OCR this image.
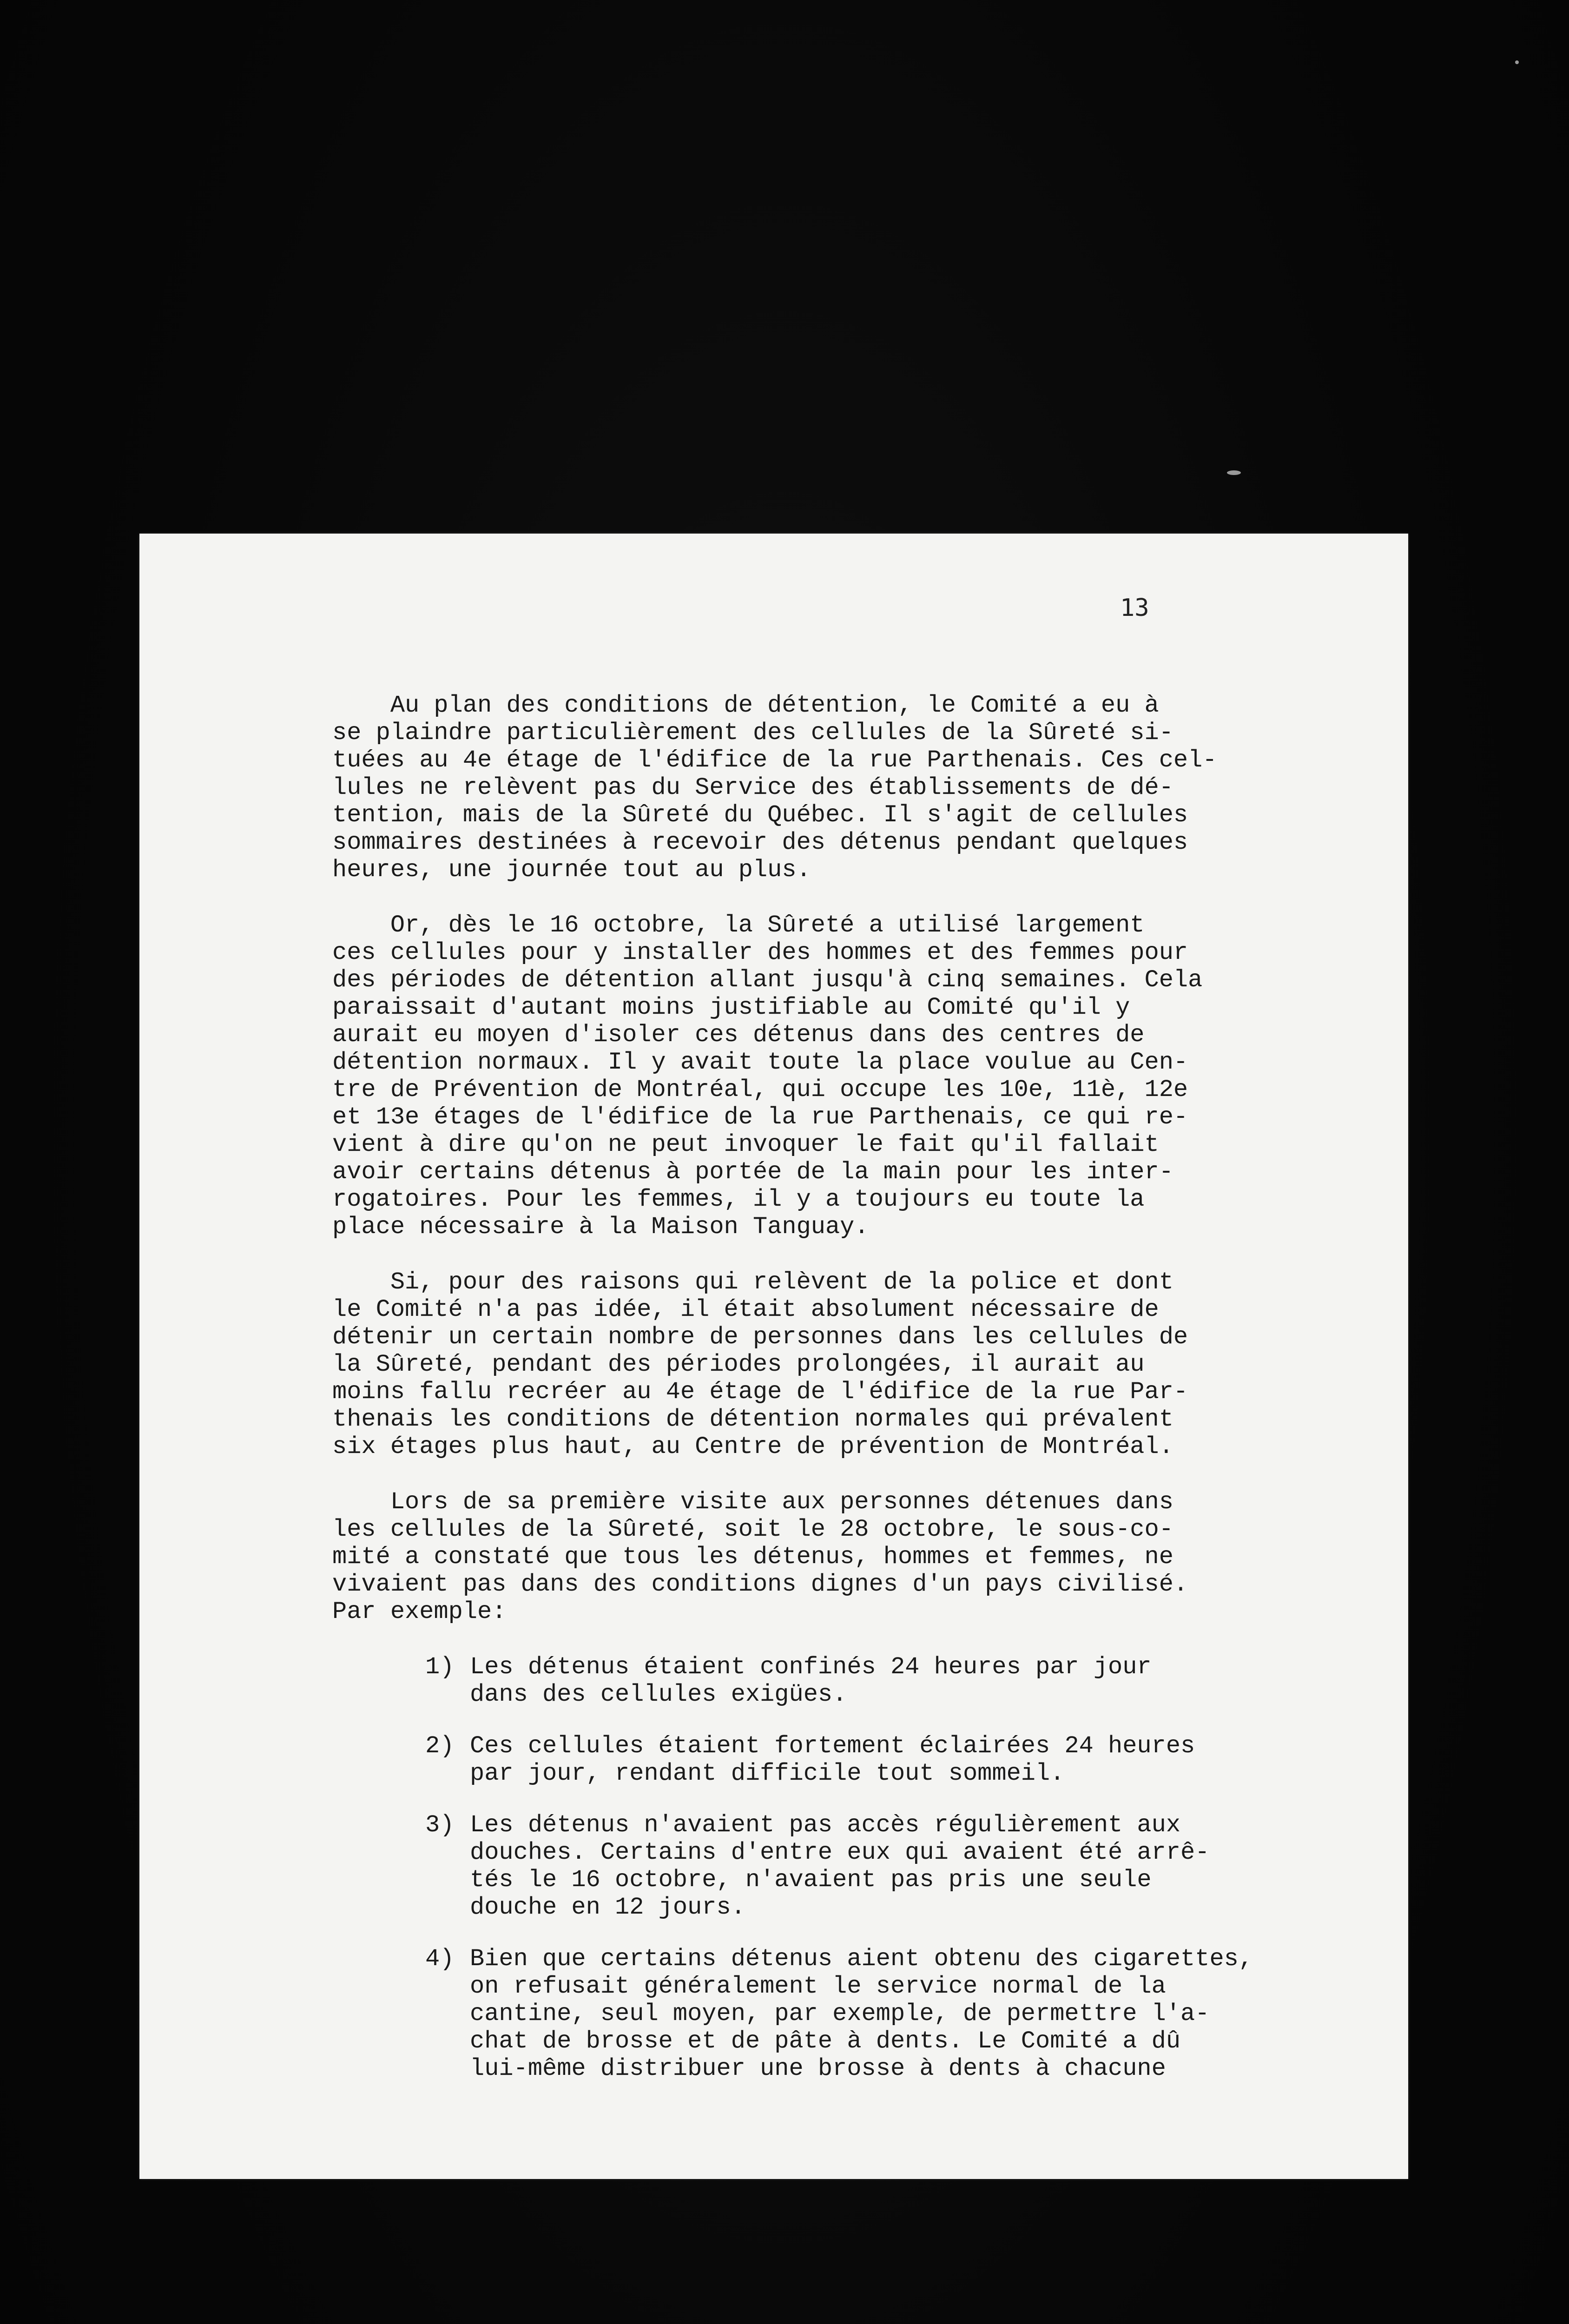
13
Au plan des conditions de détention, le Comité a eu à
se plaindre particulièrement des cellules de la Sûreté si-
tuées au 4e étage de l'édifice de la rue Parthenais. Ces cel-
lules ne relèvent pas du Service des établissements de dé-
tention, mais de la Sûreté du Québec. Il s'agit de cellules
sommaires destinées à recevoir des détenus pendant quelques
heures, une journée tout au plus.
Or, dès le 16 octobre, la Sûreté a utilisé largement
ces cellules pour y installer des hommes et des femmes pour
des périodes de détention allant jusqu'à cinq semaines. Cela
paraissait d'autant moins justifiable au Comité qu'il y
aurait eu moyen d'isoler ces détenus dans des centres de
détention normaux. Il y avait toute la place voulue au Cen-
tre de Prévention de Montréal, qui occupe les 10e, 11è, 12e
et 13e étages de l'édifice de la rue Parthenais, ce qui re-
vient à dire qu'on ne peut invoquer le fait qu'il fallait
avoir certains détenus à portée de la main pour les inter-
rogatoires. Pour les femmes, il y a toujours eu toute la
place nécessaire à la Maison Tanguay.
Si, pour des raisons qui relèvent de la police et dont
le Comité n'a pas idée, il était absolument nécessaire de
détenir un certain nombre de personnes dans les cellules de
la Sûreté, pendant des périodes prolongées, il aurait au
moins fallu recréer au 4e étage de l'édifice de la rue Par-
thenais les conditions de détention normales qui prévalent
six étages plus haut, au Centre de prévention de Montréal.
Lors de sa première visite aux personnes détenues dans
les cellules de la Sûreté, soit le 28 octobre, le sous-co-
mité a constaté que tous les détenus, hommes et femmes, ne
vivaient pas dans des conditions dignes d'un pays civilisé.
Par exemple:
1) Les détenus étaient confinés 24 heures par jour
dans des cellules exigües.
2) Ces cellules étaient fortement éclairées 24 heures
par jour, rendant difficile tout sommeil.
3) Les détenus n'avaient pas accès régulièrement aux
douches. Certains d'entre eux qui avaient été arrê-
tés le 16 octobre, n'avaient pas pris une seule
douche en 12 jours.
4) Bien que certains détenus aient obtenu des cigarettes,
on refusait généralement le service normal de la
cantine, seul moyen, par exemple, de permettre l'a-
chat de brosse et de pâte à dents. Le Comité a dû
lui-même distribuer une brosse à dents à chacune
